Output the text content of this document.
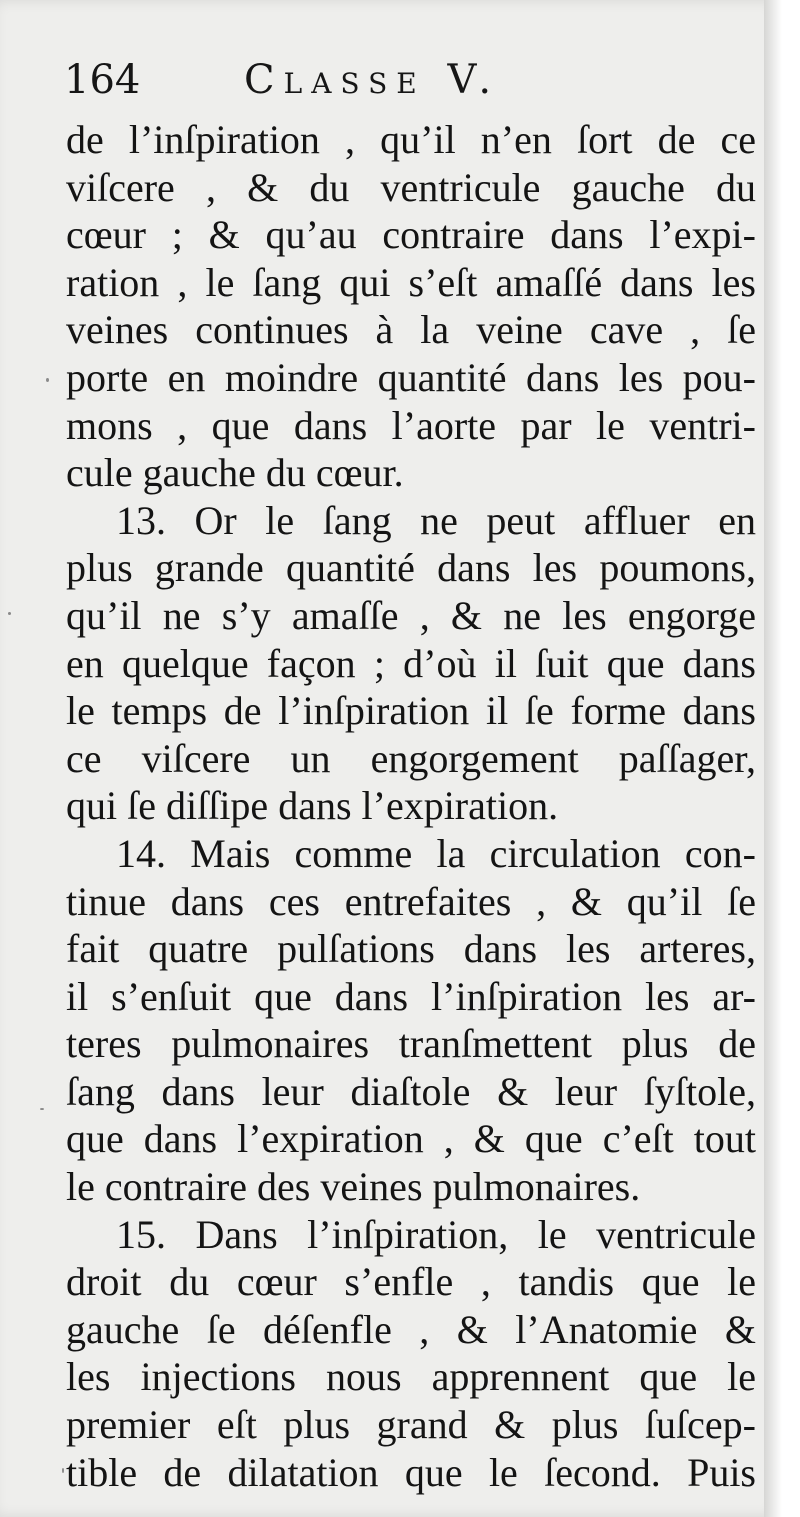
164	Classe V.
de l’inſpiration , qu’il n’en ſort de ce
viſcere , & du ventricule gauche du
cœur ; & qu’au contraire dans l’expi-
ration , le ſang qui s’eſt amaſſé dans les
veines continues à la veine cave , ſe
porte en moindre quantité dans les pou-
mons , que dans l’aorte par le ventri-
cule gauche du cœur.
13. Or le ſang ne peut affluer en
plus grande quantité dans les poumons,
qu’il ne s’y amaſſe , & ne les engorge
en quelque façon ; d’où il ſuit que dans
le temps de l’inſpiration il ſe forme dans
ce viſcere un engorgement paſſager,
qui ſe diſſipe dans l’expiration.
14. Mais comme la circulation con-
tinue dans ces entrefaites , & qu’il ſe
fait quatre pulſations dans les arteres,
il s’enſuit que dans l’inſpiration les ar-
teres pulmonaires tranſmettent plus de
ſang dans leur diaſtole & leur ſyſtole,
que dans l’expiration , & que c’eſt tout
le contraire des veines pulmonaires.
15. Dans l’inſpiration, le ventricule
droit du cœur s’enfle , tandis que le
gauche ſe déſenfle , & l’Anatomie &
les injections nous apprennent que le
premier eſt plus grand & plus ſuſcep-
tible de dilatation que le ſecond. Puis
